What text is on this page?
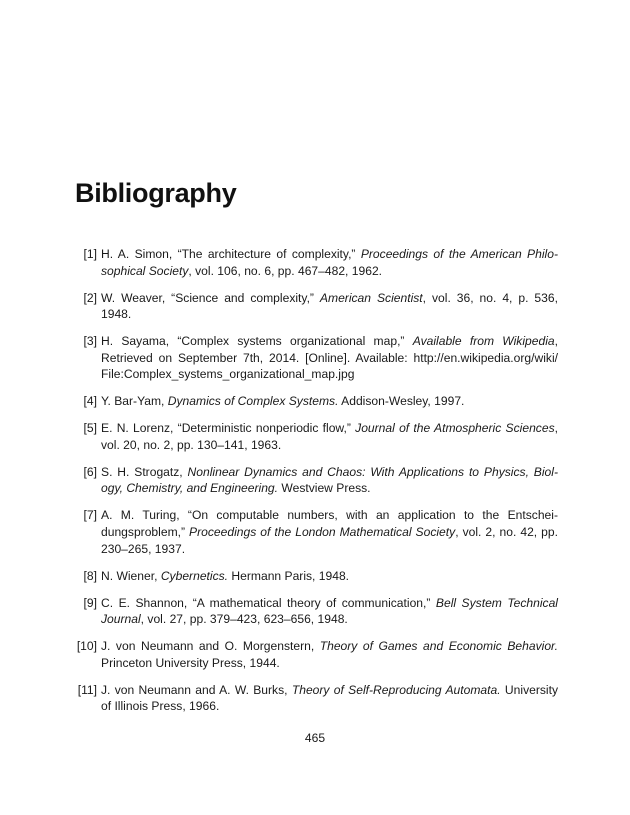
Bibliography
[1] H. A. Simon, “The architecture of complexity,” Proceedings of the American Philosophical Society, vol. 106, no. 6, pp. 467–482, 1962.
[2] W. Weaver, “Science and complexity,” American Scientist, vol. 36, no. 4, p. 536, 1948.
[3] H. Sayama, “Complex systems organizational map,” Available from Wikipedia, Retrieved on September 7th, 2014. [Online]. Available: http://en.wikipedia.org/wiki/ File:Complex_systems_organizational_map.jpg
[4] Y. Bar-Yam, Dynamics of Complex Systems. Addison-Wesley, 1997.
[5] E. N. Lorenz, “Deterministic nonperiodic flow,” Journal of the Atmospheric Sciences, vol. 20, no. 2, pp. 130–141, 1963.
[6] S. H. Strogatz, Nonlinear Dynamics and Chaos: With Applications to Physics, Biology, Chemistry, and Engineering. Westview Press.
[7] A. M. Turing, “On computable numbers, with an application to the Entscheidungsproblem,” Proceedings of the London Mathematical Society, vol. 2, no. 42, pp. 230–265, 1937.
[8] N. Wiener, Cybernetics. Hermann Paris, 1948.
[9] C. E. Shannon, “A mathematical theory of communication,” Bell System Technical Journal, vol. 27, pp. 379–423, 623–656, 1948.
[10] J. von Neumann and O. Morgenstern, Theory of Games and Economic Behavior. Princeton University Press, 1944.
[11] J. von Neumann and A. W. Burks, Theory of Self-Reproducing Automata. University of Illinois Press, 1966.
465
